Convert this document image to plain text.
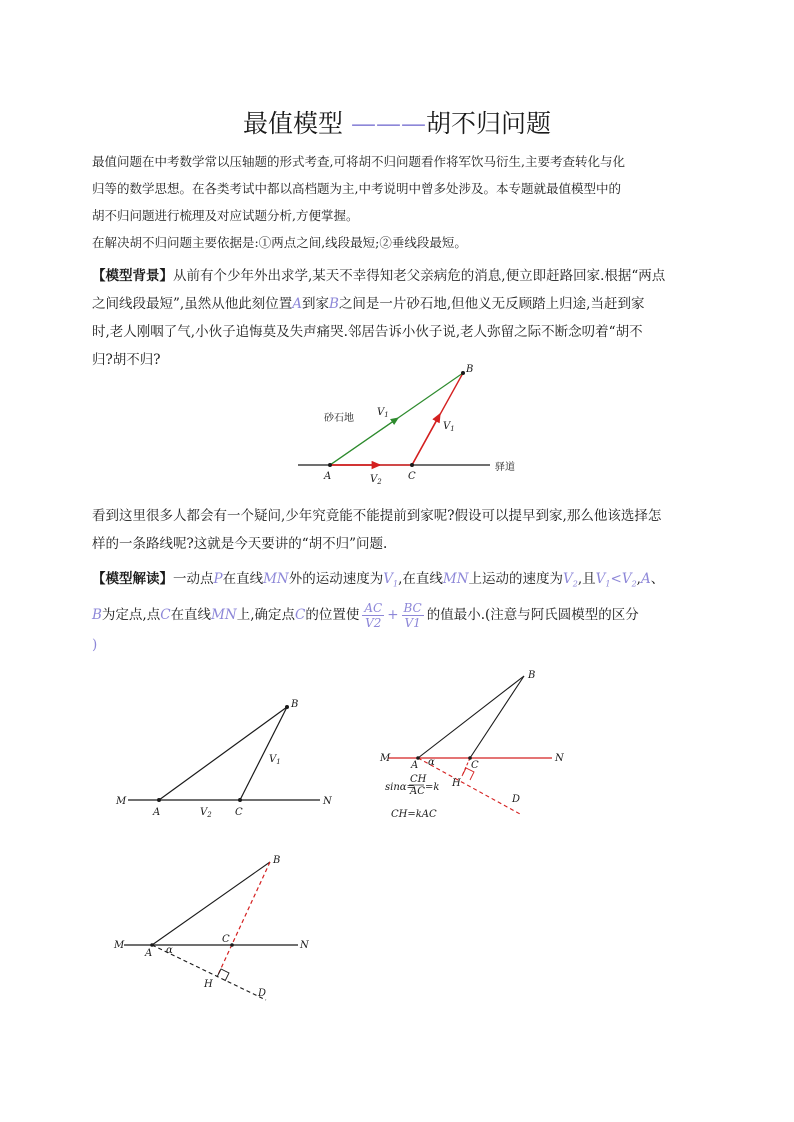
最值模型 ———胡不归问题
最值问题在中考数学常以压轴题的形式考查,可将胡不归问题看作将军饮马衍生,主要考查转化与化
归等的数学思想。在各类考试中都以高档题为主,中考说明中曾多处涉及。本专题就最值模型中的
胡不归问题进行梳理及对应试题分析,方便掌握。
在解决胡不归问题主要依据是:①两点之间,线段最短;②垂线段最短。
【模型背景】从前有个少年外出求学,某天不幸得知老父亲病危的消息,便立即赶路回家.根据“两点
之间线段最短”,虽然从他此刻位置A到家B之间是一片砂石地,但他义无反顾踏上归途,当赶到家
时,老人刚咽了气,小伙子追悔莫及失声痛哭.邻居告诉小伙子说,老人弥留之际不断念叨着“胡不
归?胡不归?
B
A	C
砂石地
驿道
$V_1$
$V_1$
$V_2$
看到这里很多人都会有一个疑问,少年究竟能不能提前到家呢?假设可以提早到家,那么他该选择怎
样的一条路线呢?这就是今天要讲的“胡不归”问题.
【模型解读】一动点P在直线MN外的运动速度为$V_1$,在直线MN上运动的速度为$V_2$,且$V_1<V_2,A$、
B为定点,点C在直线MN上,确定点C的位置使 $\frac{AC}{V2} + \frac{BC}{V1}$ 的值最小.(注意与阿氏圆模型的区分
)
M
A	$V_2$ C
N
B
$V_1$
B
M
A α	C
N
H
D
sinα=
CH
AC =k
CH=kAC
B
M
A α
C
N
H
D
